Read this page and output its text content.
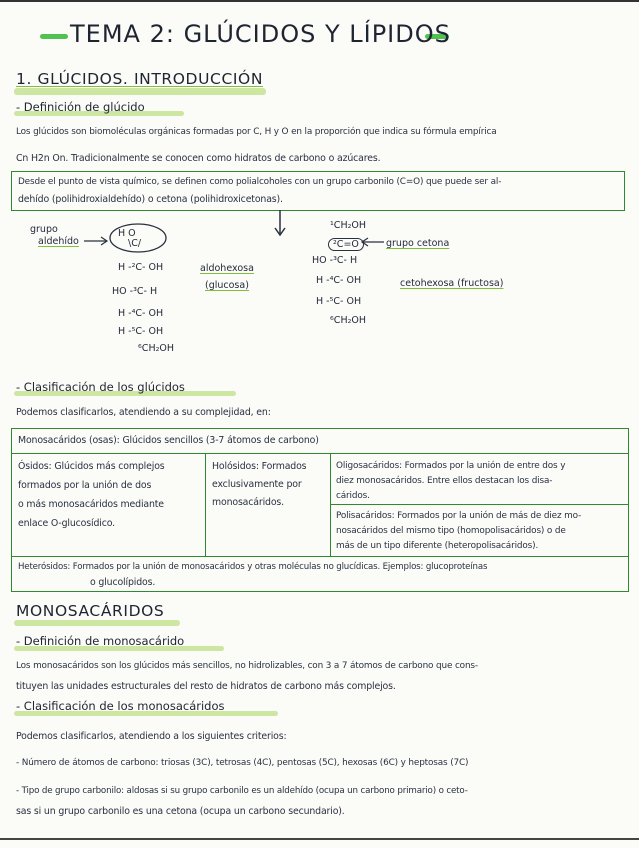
TEMA 2: GLÚCIDOS Y LÍPIDOS
1. GLÚCIDOS. INTRODUCCIÓN
- Definición de glúcido
Los glúcidos son biomoléculas orgánicas formadas por C, H y O en la proporción que indica su fórmula empírica
Cn H2n On. Tradicionalmente se conocen como hidratos de carbono o azúcares.
Desde el punto de vista químico, se definen como polialcoholes con un grupo carbonilo (C=O) que puede ser al-
dehído (polihidroxialdehído) o cetona (polihidroxicetonas).
grupo
aldehído
H O
\C/
H -²C- OH
HO -³C- H
H -⁴C- OH
H -⁵C- OH
⁶CH₂OH
aldohexosa
(glucosa)
¹CH₂OH
²C=O
HO -³C- H
H -⁴C- OH
H -⁵C- OH
⁶CH₂OH
grupo cetona
cetohexosa (fructosa)
- Clasificación de los glúcidos
Podemos clasificarlos, atendiendo a su complejidad, en:
Monosacáridos (osas): Glúcidos sencillos (3-7 átomos de carbono)
Ósidos: Glúcidos más complejos
formados por la unión de dos
o más monosacáridos mediante
enlace O-glucosídico.
Holósidos: Formados
exclusivamente por
monosacáridos.
Oligosacáridos: Formados por la unión de entre dos y
diez monosacáridos. Entre ellos destacan los disa-
cáridos.
Polisacáridos: Formados por la unión de más de diez mo-
nosacáridos del mismo tipo (homopolisacáridos) o de
más de un tipo diferente (heteropolisacáridos).
Heterósidos: Formados por la unión de monosacáridos y otras moléculas no glucídicas. Ejemplos: glucoproteínas
o glucolípidos.
MONOSACÁRIDOS
- Definición de monosacárido
Los monosacáridos son los glúcidos más sencillos, no hidrolizables, con 3 a 7 átomos de carbono que cons-
tituyen las unidades estructurales del resto de hidratos de carbono más complejos.
- Clasificación de los monosacáridos
Podemos clasificarlos, atendiendo a los siguientes criterios:
- Número de átomos de carbono: triosas (3C), tetrosas (4C), pentosas (5C), hexosas (6C) y heptosas (7C)
- Tipo de grupo carbonilo: aldosas si su grupo carbonilo es un aldehído (ocupa un carbono primario) o ceto-
sas si un grupo carbonilo es una cetona (ocupa un carbono secundario).
